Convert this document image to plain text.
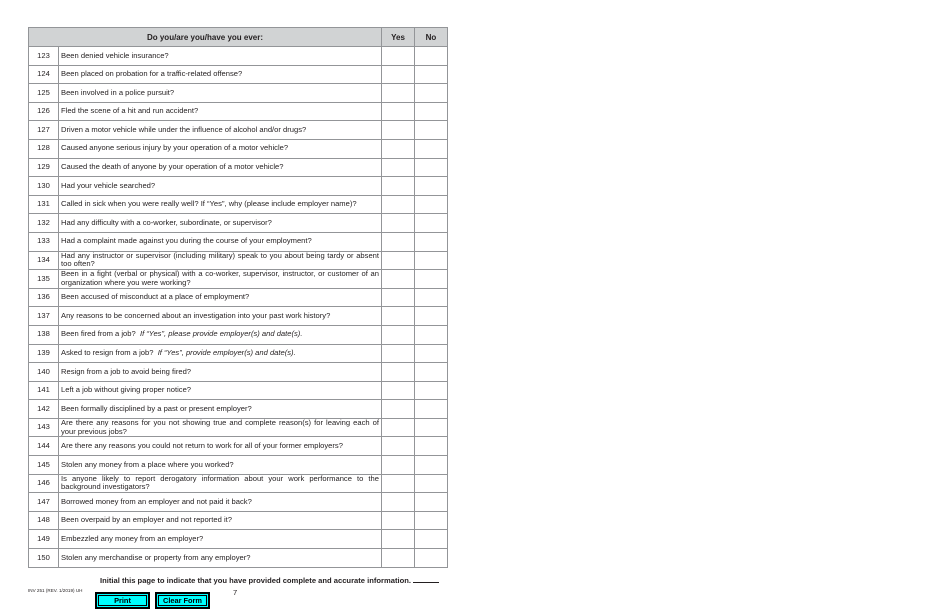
Do you/are you/have you ever:		Yes	No
123	Been denied vehicle insurance?		
124	Been placed on probation for a traffic-related offense?		
125	Been involved in a police pursuit?		
126	Fled the scene of a hit and run accident?		
127	Driven a motor vehicle while under the influence of alcohol and/or drugs?		
128	Caused anyone serious injury by your operation of a motor vehicle?		
129	Caused the death of anyone by your operation of a motor vehicle?		
130	Had your vehicle searched?		
131	Called in sick when you were really well? If “Yes”, why (please include employer name)?		
132	Had any difficulty with a co-worker, subordinate, or supervisor?		
133	Had a complaint made against you during the course of your employment?		
134	Had any instructor or supervisor (including military) speak to you about being tardy or absent too often?		
135	Been in a fight (verbal or physical) with a co-worker, supervisor, instructor, or customer of an organization where you were working?		
136	Been accused of misconduct at a place of employment?		
137	Any reasons to be concerned about an investigation into your past work history?		
138	Been fired from a job? If “Yes”, please provide employer(s) and date(s).		
139	Asked to resign from a job? If “Yes”, provide employer(s) and date(s).		
140	Resign from a job to avoid being fired?		
141	Left a job without giving proper notice?		
142	Been formally disciplined by a past or present employer?		
143	Are there any reasons for you not showing true and complete reason(s) for leaving each of your previous jobs?		
144	Are there any reasons you could not return to work for all of your former employers?		
145	Stolen any money from a place where you worked?		
146	Is anyone likely to report derogatory information about your work performance to the background investigators?		
147	Borrowed money from an employer and not paid it back?		
148	Been overpaid by an employer and not reported it?		
149	Embezzled any money from an employer?		
150	Stolen any merchandise or property from any employer?		
Initial this page to indicate that you have provided complete and accurate information.
INV 251 (REV. 1/2019) UH	7
Print	Clear Form
